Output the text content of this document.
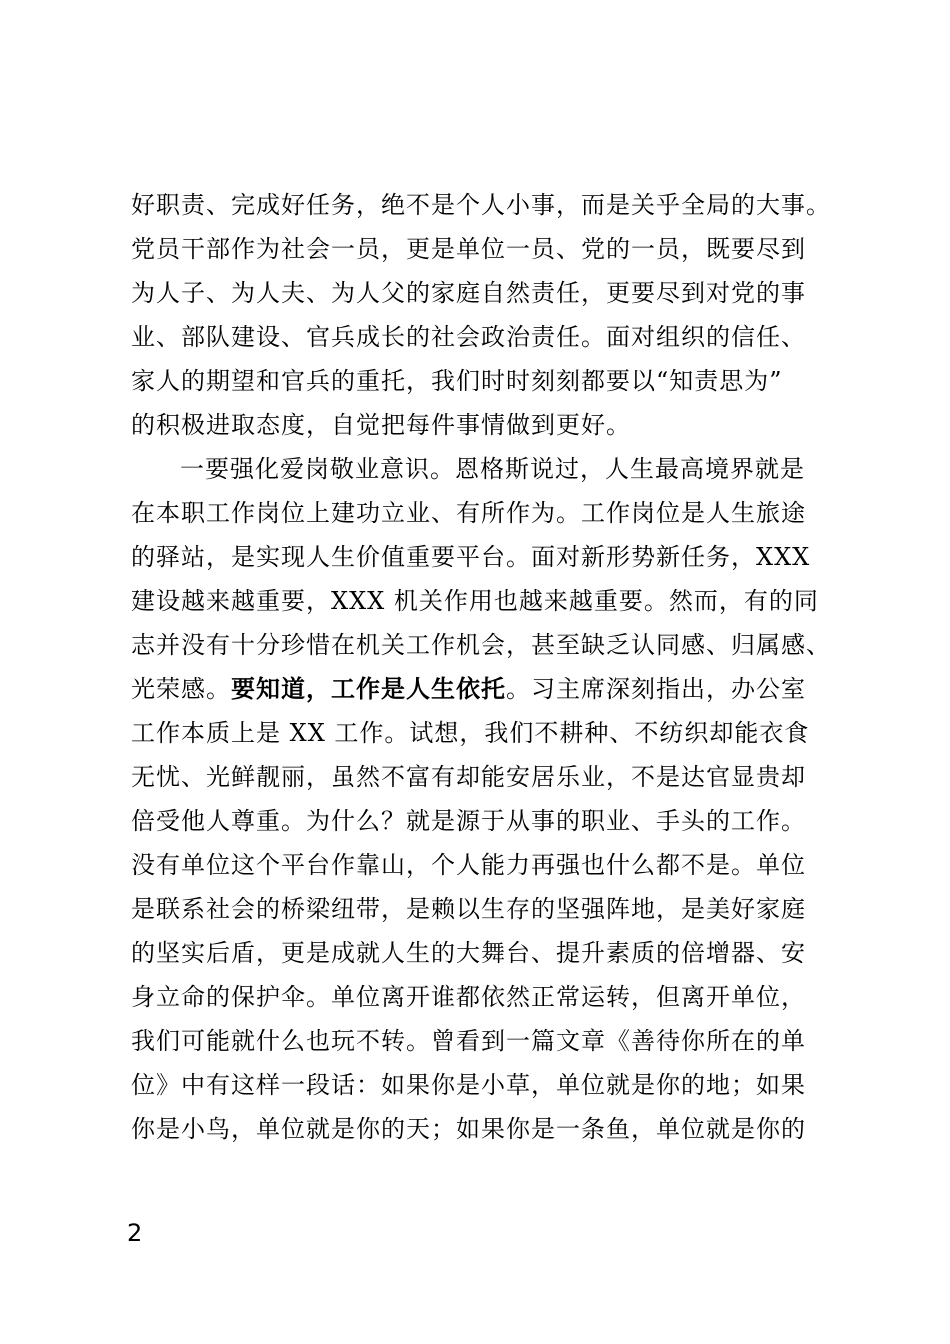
好职责、完成好任务，绝不是个人小事，而是关乎全局的大事。
党员干部作为社会一员，更是单位一员、党的一员，既要尽到
为人子、为人夫、为人父的家庭自然责任，更要尽到对党的事
业、部队建设、官兵成长的社会政治责任。面对组织的信任、
家人的期望和官兵的重托，我们时时刻刻都要以“知责思为”
的积极进取态度，自觉把每件事情做到更好。
一要强化爱岗敬业意识。恩格斯说过，人生最高境界就是
在本职工作岗位上建功立业、有所作为。工作岗位是人生旅途
的驿站，是实现人生价值重要平台。面对新形势新任务，XXX
建设越来越重要，XXX 机关作用也越来越重要。然而，有的同
志并没有十分珍惜在机关工作机会，甚至缺乏认同感、归属感、
光荣感。要知道，工作是人生依托。习主席深刻指出，办公室
工作本质上是 XX 工作。试想，我们不耕种、不纺织却能衣食
无忧、光鲜靓丽，虽然不富有却能安居乐业，不是达官显贵却
倍受他人尊重。为什么？就是源于从事的职业、手头的工作。
没有单位这个平台作靠山，个人能力再强也什么都不是。单位
是联系社会的桥梁纽带，是赖以生存的坚强阵地，是美好家庭
的坚实后盾，更是成就人生的大舞台、提升素质的倍增器、安
身立命的保护伞。单位离开谁都依然正常运转，但离开单位，
我们可能就什么也玩不转。曾看到一篇文章《善待你所在的单
位》中有这样一段话：如果你是小草，单位就是你的地；如果
你是小鸟，单位就是你的天；如果你是一条鱼，单位就是你的
2
